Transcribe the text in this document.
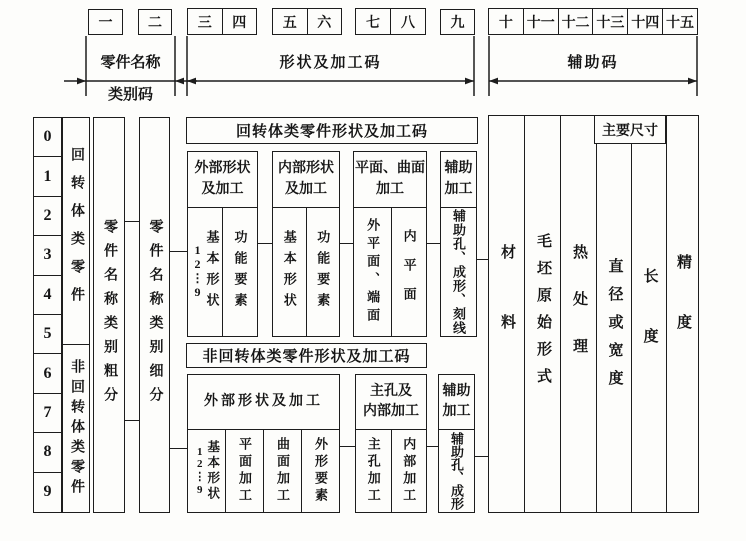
零件名称
类别码
形状及加工码	辅助码
一	二	三	四	五	六	七	八	九	十 十一 十二 十三 十四 十五
0
1
2
3
4
5
6
7
8
9
回转体类零件
非回转体类零件
零件名称类别粗分 零件名称类别细分
回转体类零件形状及加工码
外部形状
及加工
1
2
⋮
9 基本形状 功能要素
内部形状
及加工
基本形状 功能要素
平面、曲面
加工
外平面、端面 内平面
辅助
加工
辅助孔、成形、刻线
非回转体类零件形状及加工码
外部形状及加工
1
2
⋮
9 基本形状 平面加工 曲面加工 外形要素
主孔及
内部加工
主孔加工 内部加工
辅助
加工
辅助孔、成形
材料 毛坯原始形式 热处理 直径或宽度 长度 精度
主要尺寸
